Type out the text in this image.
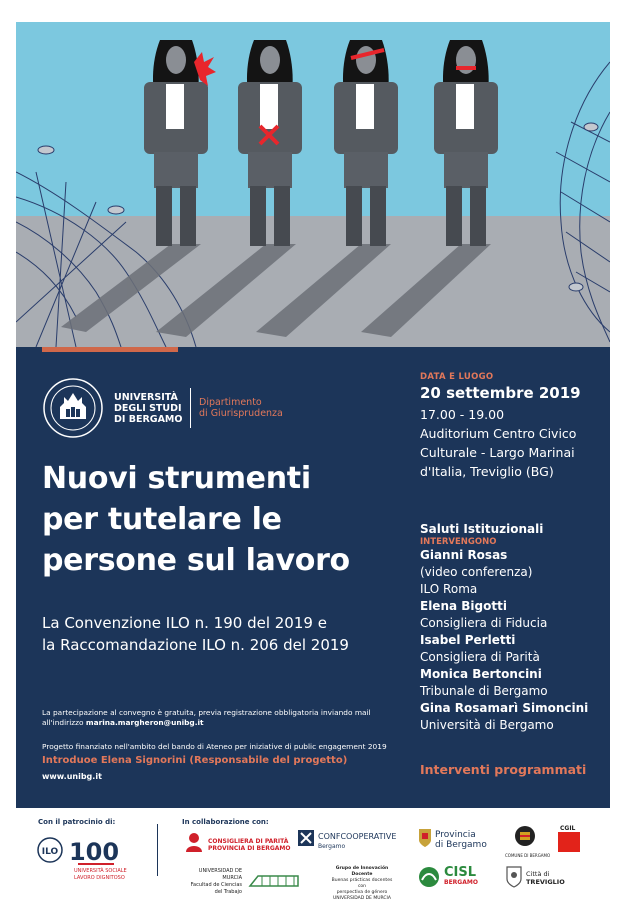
UNIVERSITÀ
DEGLI STUDI
DI BERGAMO
Dipartimento
di Giurisprudenza
Nuovi strumenti
per tutelare le
persone sul lavoro
La Convenzione ILO n. 190 del 2019 e
la Raccomandazione ILO n. 206 del 2019
La partecipazione al convegno è gratuita, previa registrazione obbligatoria inviando mail all'indirizzo marina.margheron@unibg.it
Progetto finanziato nell'ambito del bando di Ateneo per iniziative di public engagement 2019
Introduoe Elena Signorini (Responsabile del progetto)
www.unibg.it
DATA E LUOGO
20 settembre 2019
17.00 - 19.00
Auditorium Centro Civico
Culturale - Largo Marinai
d'Italia, Treviglio (BG)
Saluti Istituzionali
INTERVENGONO
Gianni Rosas
(video conferenza)
ILO Roma
Elena Bigotti
Consigliera di Fiducia
Isabel Perletti
Consigliera di Parità
Monica Bertoncini
Tribunale di Bergamo
Gina Rosamarì Simoncini
Università di Bergamo
Interventi programmati
Con il patrocinio di:	In collaborazione con:
ILO 100
UNIVERSITÀ SOCIALE
LAVORO DIGNITOSO
CONSIGLIERA DI PARITÀ
PROVINCIA DI BERGAMO
CONFCOOPERATIVE
Bergamo
Provincia
di Bergamo
COMUNE DI BERGAMO
CGIL
UNIVERSIDAD DE MURCIA
Facultad de Ciencias
del Trabajo
Grupo de Innovación Docente
Buenas prácticas docentes con
perspectiva de género
UNIVERSIDAD DE MURCIA
CISL
BERGAMO
Città di
TREVIGLIO
